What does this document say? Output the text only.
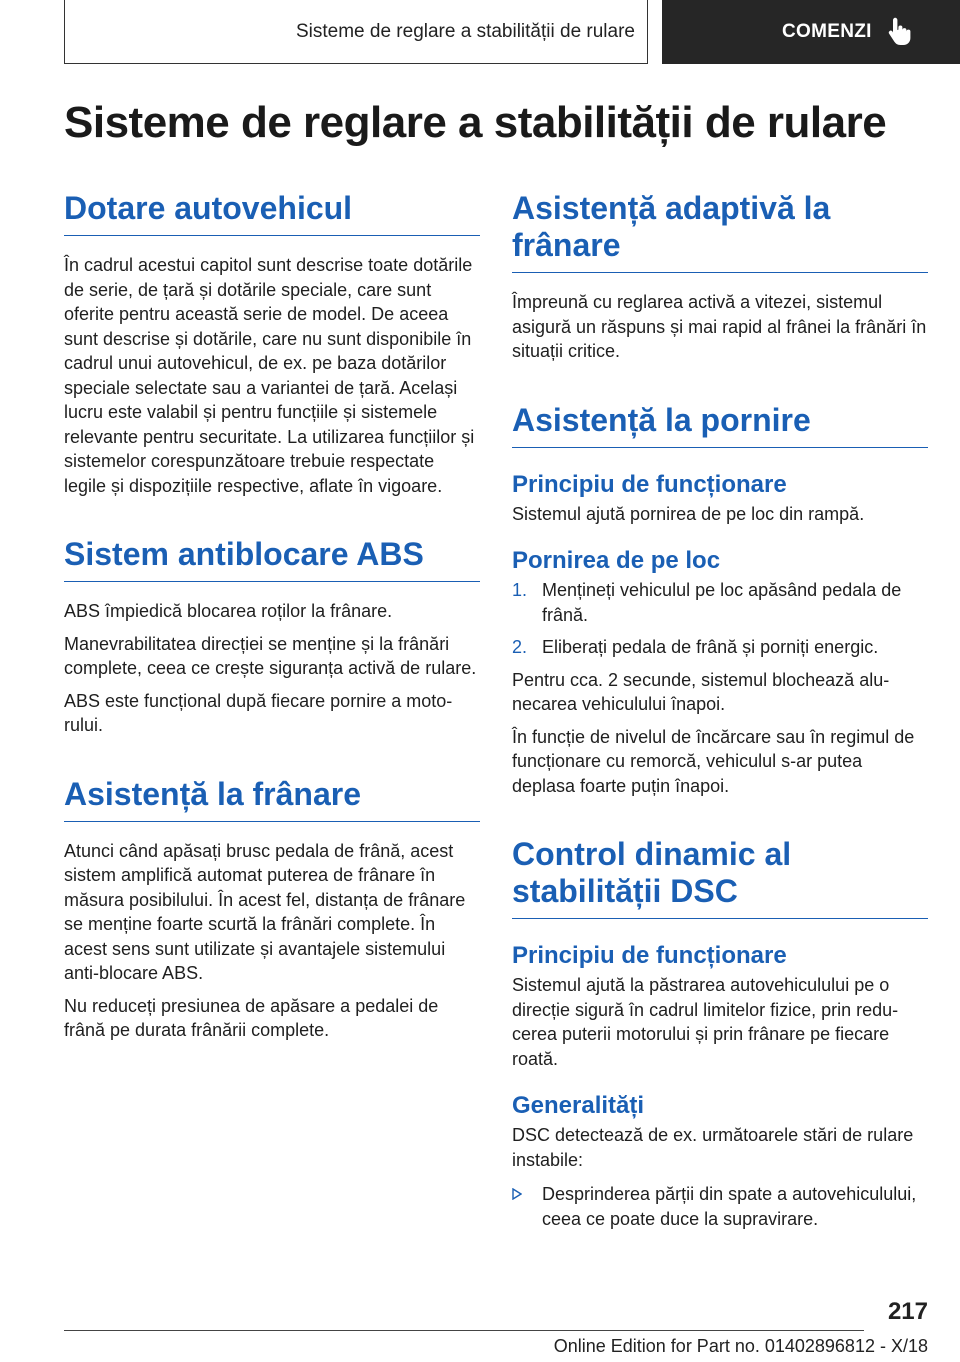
Sisteme de reglare a stabilității de rulare	COMENZI
Sisteme de reglare a stabilității de rulare
Dotare autovehicul

În cadrul acestui capitol sunt descrise toate dotările de serie, de țară și dotările speciale, care sunt oferite pentru această serie de model. De aceea sunt descrise și dotările, care nu sunt disponibile în cadrul unui autovehicul, de ex. pe baza dotărilor speciale selectate sau a variantei de țară. Același lucru este valabil și pentru funcțiile și sistemele relevante pentru securitate. La utilizarea funcțiilor și sistemelor corespunzătoare trebuie respectate legile și dispozițiile respective, aflate în vigoare.

Sistem antiblocare ABS

ABS împiedică blocarea roților la frânare.

Manevrabilitatea direcției se menține și la frânări complete, ceea ce crește siguranța activă de rulare.

ABS este funcțional după fiecare pornire a motorului.

Asistență la frânare

Atunci când apăsați brusc pedala de frână, acest sistem amplifică automat puterea de frânare în măsura posibilului. În acest fel, distanța de frânare se menține foarte scurtă la frânări complete. În acest sens sunt utilizate și avantajele sistemului anti-blocare ABS.

Nu reduceți presiunea de apăsare a pedalei de frână pe durata frânării complete.

Asistență adaptivă la frânare

Împreună cu reglarea activă a vitezei, sistemul asigură un răspuns și mai rapid al frânei la frânări în situații critice.

Asistență la pornire
Principiu de funcționare

Sistemul ajută pornirea de pe loc din rampă.

Pornirea de pe loc
1. Mențineți vehiculul pe loc apăsând pedala de frână.
2. Eliberați pedala de frână și porniți energic.

Pentru cca. 2 secunde, sistemul blochează alunecarea vehiculului înapoi.

În funcție de nivelul de încărcare sau în regimul de funcționare cu remorcă, vehiculul s-ar putea deplasa foarte puțin înapoi.

Control dinamic al stabilității DSC
Principiu de funcționare

Sistemul ajută la păstrarea autovehiculului pe o direcție sigură în cadrul limitelor fizice, prin reducerea puterii motorului și prin frânare pe fiecare roată.

Generalități

DSC detectează de ex. următoarele stări de rulare instabile:

Desprinderea părții din spate a autovehiculului, ceea ce poate duce la supravirare.
217
Online Edition for Part no. 01402896812 - X/18
